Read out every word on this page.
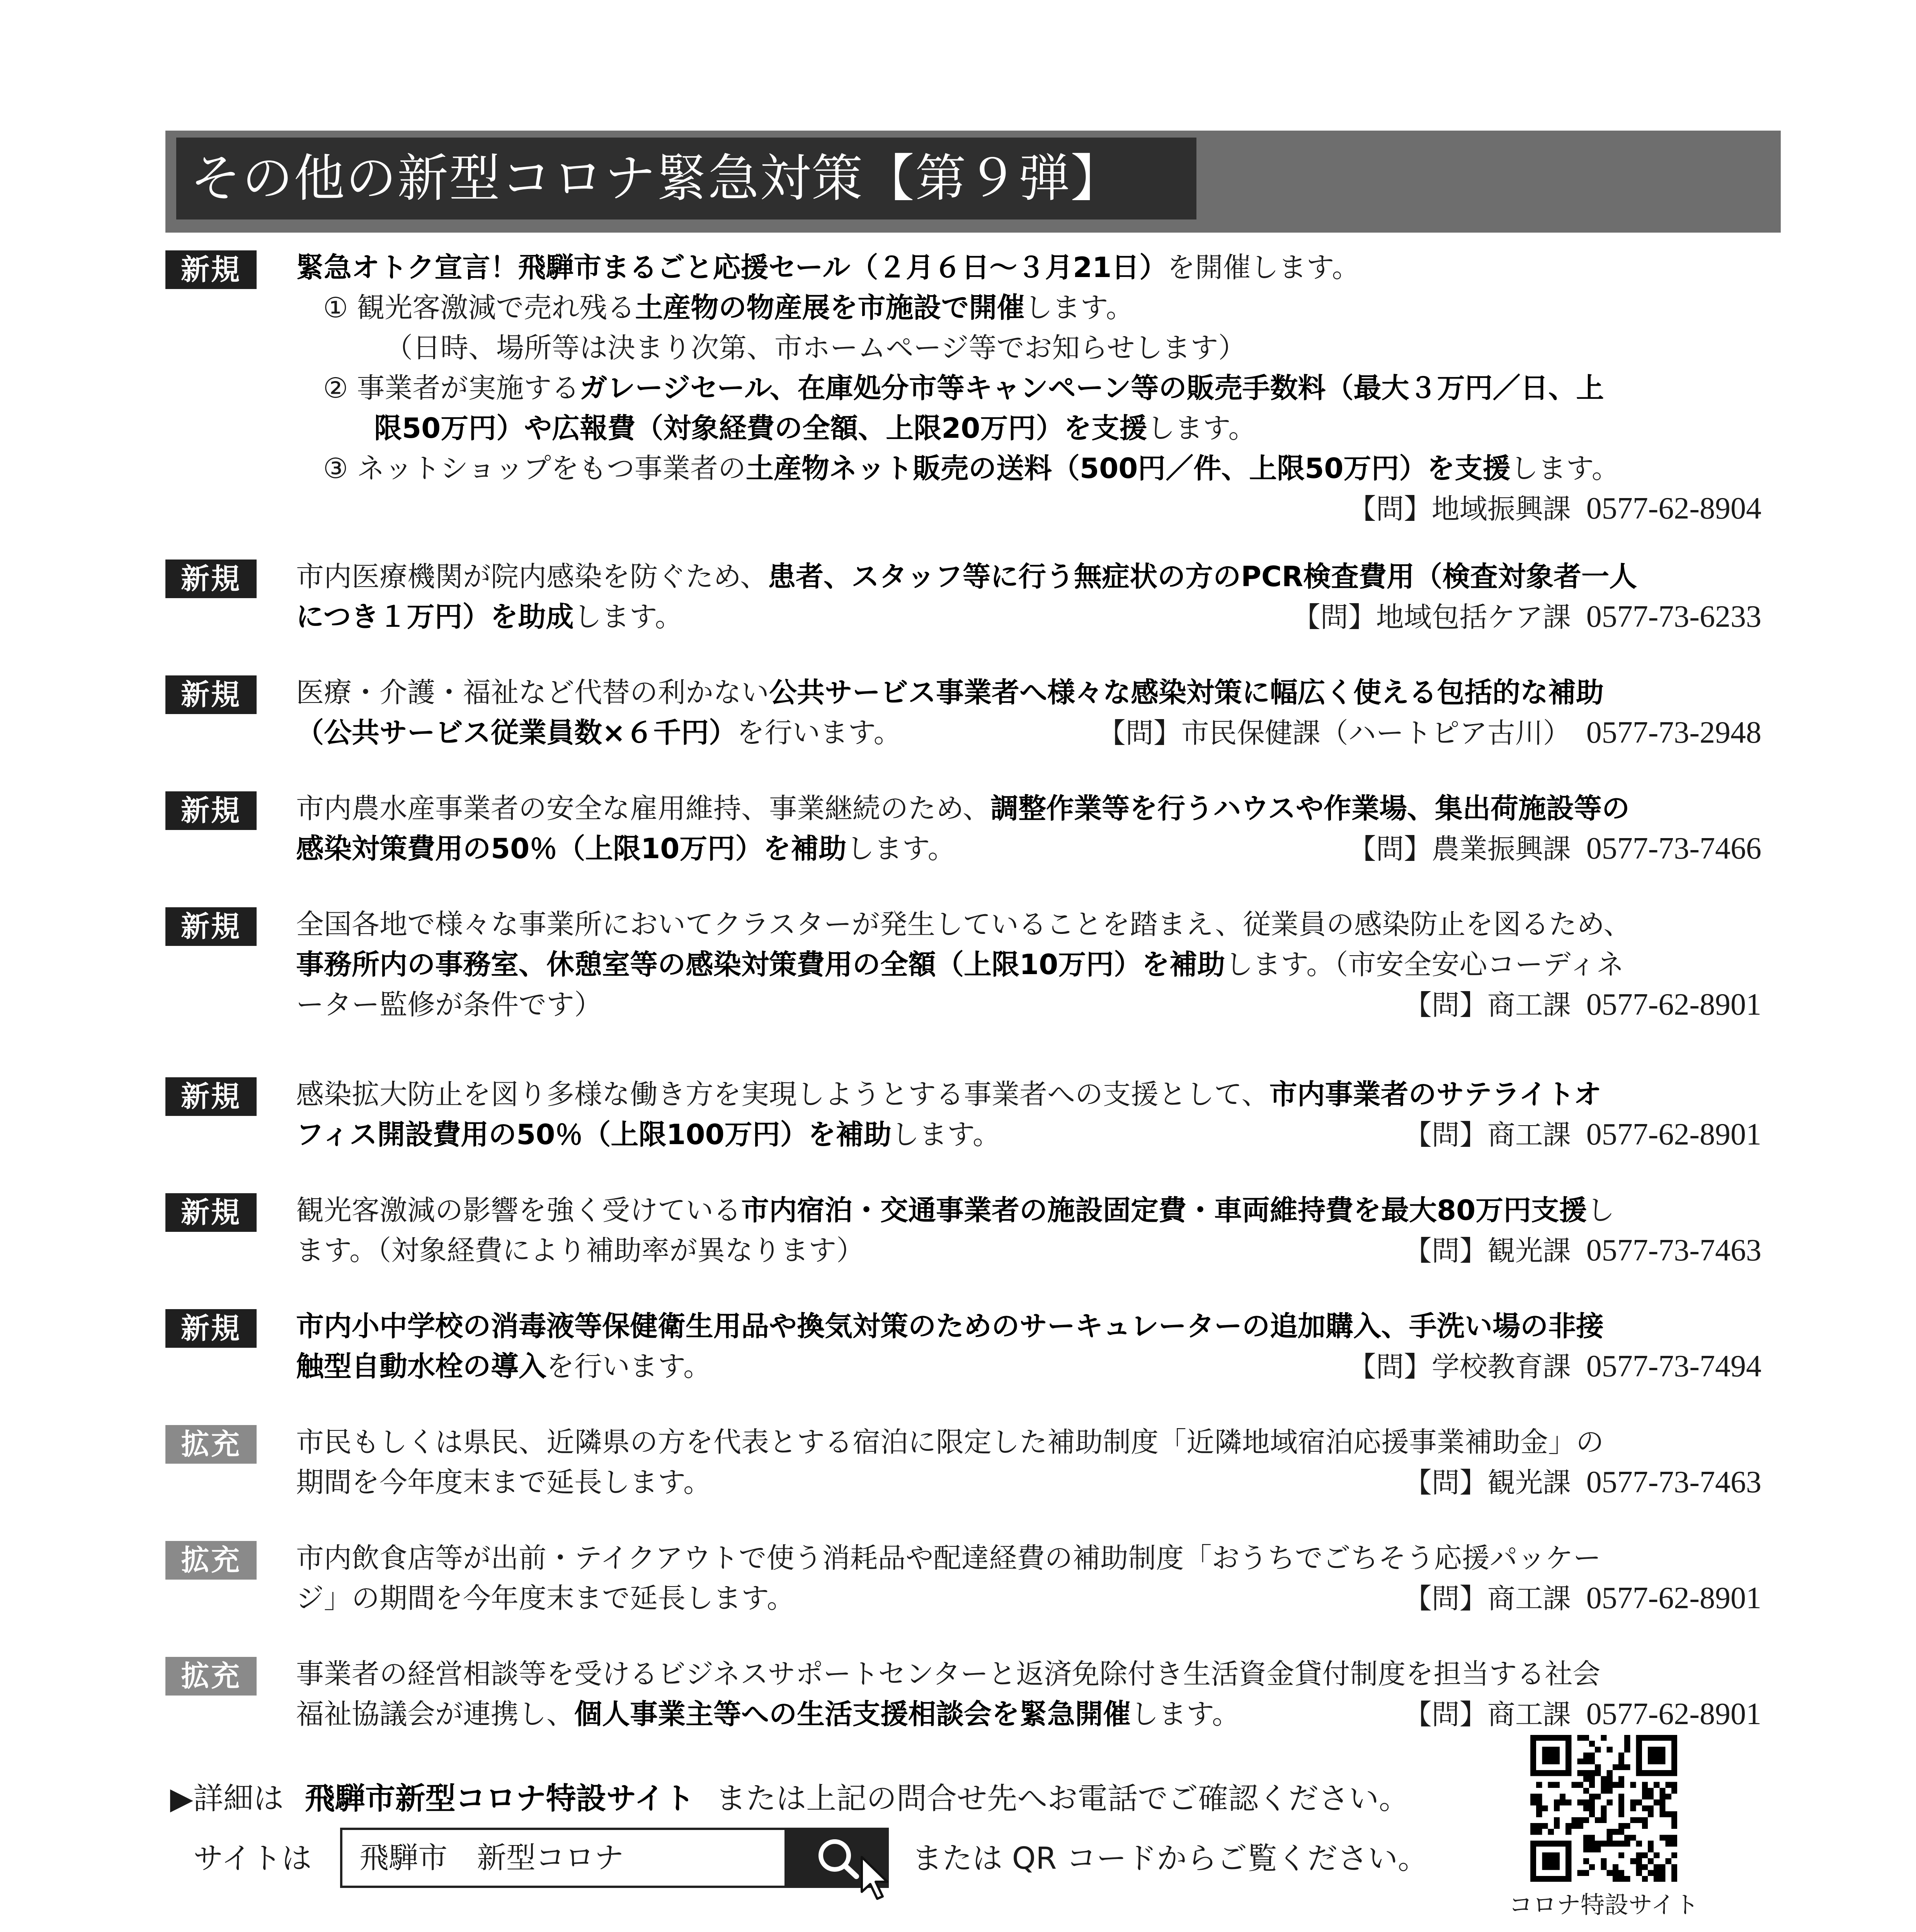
その他の新型コロナ緊急対策【第９弾】
新規	緊急オトク宣言！飛騨市まるごと応援セール（２月６日～３月21日）を開催します。
① 観光客激減で売れ残る土産物の物産展を市施設で開催します。
（日時、場所等は決まり次第、市ホームページ等でお知らせします）
② 事業者が実施するガレージセール、在庫処分市等キャンペーン等の販売手数料（最大３万円／日、上
限50万円）や広報費（対象経費の全額、上限20万円）を支援します。
③ ネットショップをもつ事業者の土産物ネット販売の送料（500円／件、上限50万円）を支援します。
【問】地域振興課 0577-62-8904
新規	市内医療機関が院内感染を防ぐため、患者、スタッフ等に行う無症状の方のPCR検査費用（検査対象者一人
につき１万円）を助成します。	【問】地域包括ケア課 0577-73-6233
新規	医療・介護・福祉など代替の利かない公共サービス事業者へ様々な感染対策に幅広く使える包括的な補助
（公共サービス従業員数×６千円）を行います。	【問】市民保健課（ハートピア古川） 0577-73-2948
新規	市内農水産事業者の安全な雇用維持、事業継続のため、調整作業等を行うハウスや作業場、集出荷施設等の
感染対策費用の50％（上限10万円）を補助します。	【問】農業振興課 0577-73-7466
新規	全国各地で様々な事業所においてクラスターが発生していることを踏まえ、従業員の感染防止を図るため、
事務所内の事務室、休憩室等の感染対策費用の全額（上限10万円）を補助します。（市安全安心コーディネ
ーター監修が条件です）	【問】商工課 0577-62-8901
新規	感染拡大防止を図り多様な働き方を実現しようとする事業者への支援として、市内事業者のサテライトオ
フィス開設費用の50％（上限100万円）を補助します。	【問】商工課 0577-62-8901
新規	観光客激減の影響を強く受けている市内宿泊・交通事業者の施設固定費・車両維持費を最大80万円支援し
ます。（対象経費により補助率が異なります）	【問】観光課 0577-73-7463
新規	市内小中学校の消毒液等保健衛生用品や換気対策のためのサーキュレーターの追加購入、手洗い場の非接
触型自動水栓の導入を行います。	【問】学校教育課 0577-73-7494
拡充	市民もしくは県民、近隣県の方を代表とする宿泊に限定した補助制度「近隣地域宿泊応援事業補助金」の
期間を今年度末まで延長します。	【問】観光課 0577-73-7463
拡充	市内飲食店等が出前・テイクアウトで使う消耗品や配達経費の補助制度「おうちでごちそう応援パッケー
ジ」の期間を今年度末まで延長します。	【問】商工課 0577-62-8901
拡充	事業者の経営相談等を受けるビジネスサポートセンターと返済免除付き生活資金貸付制度を担当する社会
福祉協議会が連携し、個人事業主等への生活支援相談会を緊急開催します。	【問】商工課 0577-62-8901
▶詳細は 飛騨市新型コロナ特設サイト または上記の問合せ先へお電話でご確認ください。
サイトは 飛騨市　新型コロナ	または QR コードからご覧ください。
コロナ特設サイト
